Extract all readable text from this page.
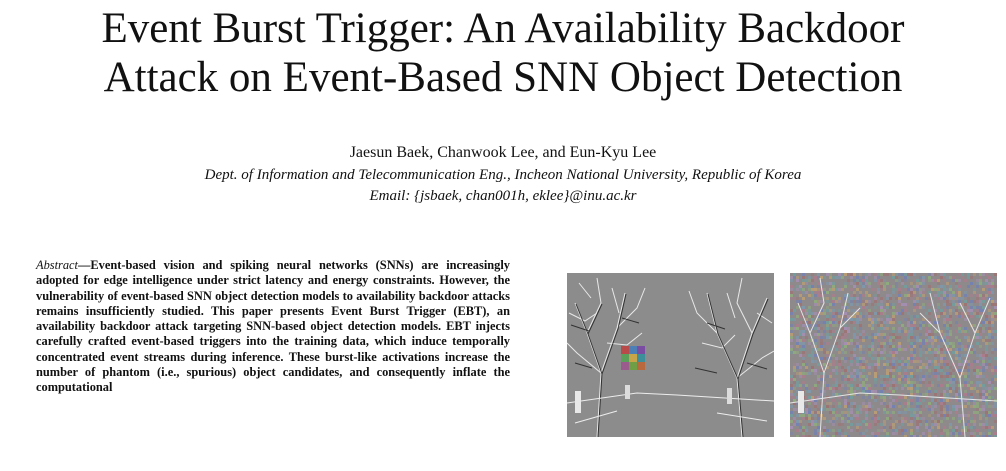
Event Burst Trigger: An Availability Backdoor
Attack on Event-Based SNN Object Detection
Jaesun Baek, Chanwook Lee, and Eun-Kyu Lee
Dept. of Information and Telecommunication Eng., Incheon National University, Republic of Korea
Email: {jsbaek, chan001h, eklee}@inu.ac.kr

Abstract—Event-based vision and spiking neural networks (SNNs) are increasingly adopted for edge intelligence under strict latency and energy constraints. However, the vulnerability of event-based SNN object detection models to availability backdoor attacks remains insufficiently studied. This paper presents Event Burst Trigger (EBT), an availability backdoor attack targeting SNN-based object detection models. EBT injects carefully crafted event-based triggers into the training data, which induce temporally concentrated event streams during inference. These burst-like activations increase the number of phantom (i.e., spurious) object candidates, and consequently inflate the computational
